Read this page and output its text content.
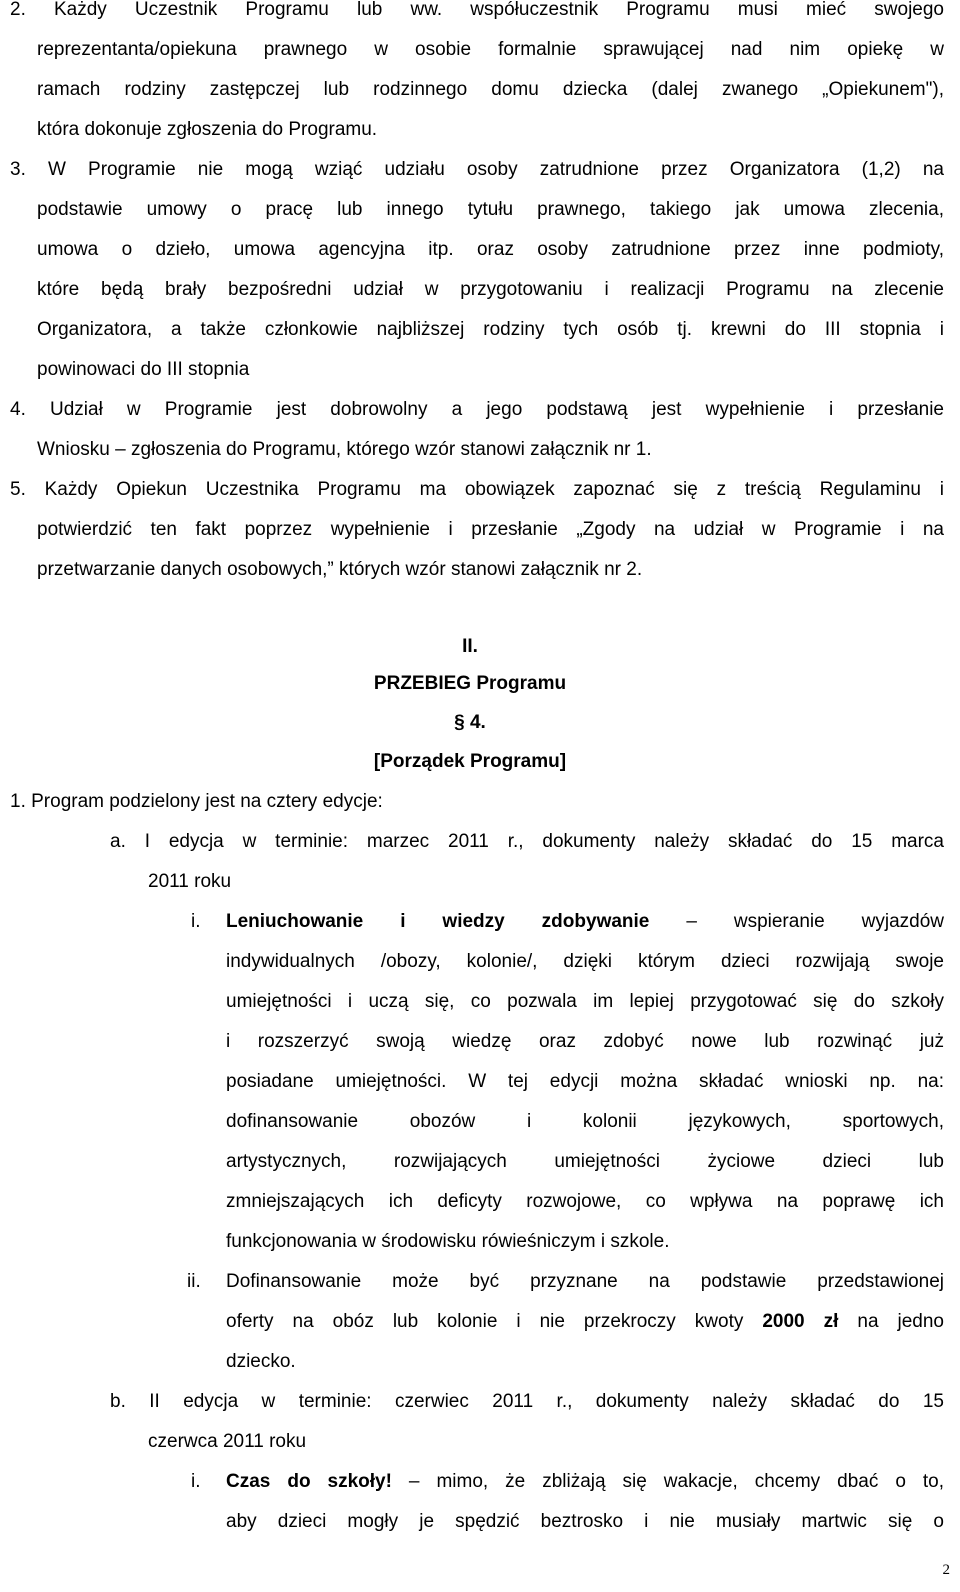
2. Każdy Uczestnik Programu lub ww. współuczestnik Programu musi mieć swojego
reprezentanta/opiekuna prawnego w osobie formalnie sprawującej nad nim opiekę w
ramach rodziny zastępczej lub rodzinnego domu dziecka (dalej zwanego „Opiekunem"),
która dokonuje zgłoszenia do Programu.
3. W Programie nie mogą wziąć udziału osoby zatrudnione przez Organizatora (1,2) na
podstawie umowy o pracę lub innego tytułu prawnego, takiego jak umowa zlecenia,
umowa o dzieło, umowa agencyjna itp. oraz osoby zatrudnione przez inne podmioty,
które będą brały bezpośredni udział w przygotowaniu i realizacji Programu na zlecenie
Organizatora, a także członkowie najbliższej rodziny tych osób tj. krewni do III stopnia i
powinowaci do III stopnia
4. Udział w Programie jest dobrowolny a jego podstawą jest wypełnienie i przesłanie
Wniosku – zgłoszenia do Programu, którego wzór stanowi załącznik nr 1.
5. Każdy Opiekun Uczestnika Programu ma obowiązek zapoznać się z treścią Regulaminu i
potwierdzić ten fakt poprzez wypełnienie i przesłanie „Zgody na udział w Programie i na
przetwarzanie danych osobowych,” których wzór stanowi załącznik nr 2.
II.
PRZEBIEG Programu
§ 4.
[Porządek Programu]
1. Program podzielony jest na cztery edycje:
a. I edycja w terminie: marzec 2011 r., dokumenty należy składać do 15 marca
2011 roku
i. Leniuchowanie i wiedzy zdobywanie – wspieranie wyjazdów
indywidualnych /obozy, kolonie/, dzięki którym dzieci rozwijają swoje
umiejętności i uczą się, co pozwala im lepiej przygotować się do szkoły
i rozszerzyć swoją wiedzę oraz zdobyć nowe lub rozwinąć już
posiadane umiejętności. W tej edycji można składać wnioski np. na:
dofinansowanie obozów i kolonii językowych, sportowych,
artystycznych, rozwijających umiejętności życiowe dzieci lub
zmniejszających ich deficyty rozwojowe, co wpływa na poprawę ich
funkcjonowania w środowisku rówieśniczym i szkole.
ii. Dofinansowanie może być przyznane na podstawie przedstawionej
oferty na obóz lub kolonie i nie przekroczy kwoty 2000 zł na jedno
dziecko.
b. II edycja w terminie: czerwiec 2011 r., dokumenty należy składać do 15
czerwca 2011 roku
i. Czas do szkoły! – mimo, że zbliżają się wakacje, chcemy dbać o to,
aby dzieci mogły je spędzić beztrosko i nie musiały martwic się o
2
